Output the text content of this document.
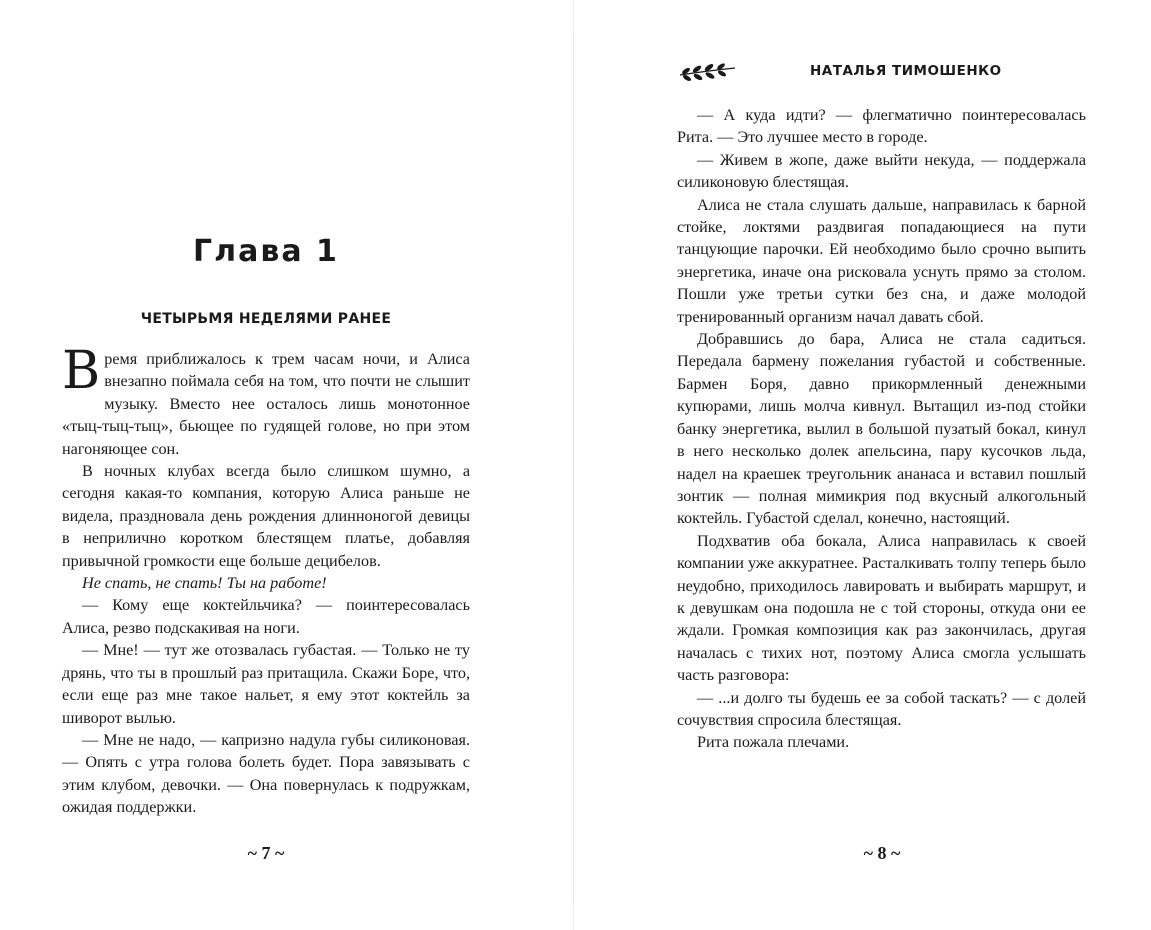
Глава 1
ЧЕТЫРЬМЯ НЕДЕЛЯМИ РАНЕЕ

Время приближалось к трем часам ночи, и Алиса внезапно поймала себя на том, что почти не слышит музыку. Вместо нее осталось лишь монотонное «тыц-тыц-тыц», бьющее по гудящей голове, но при этом нагоняющее сон.

В ночных клубах всегда было слишком шумно, а сегодня какая-то компания, которую Алиса раньше не видела, праздновала день рождения длинноногой девицы в неприлично коротком блестящем платье, добавляя привычной громкости еще больше децибелов.

Не спать, не спать! Ты на работе!

— Кому еще коктейльчика? — поинтересовалась Алиса, резво подскакивая на ноги.

— Мне! — тут же отозвалась губастая. — Только не ту дрянь, что ты в прошлый раз притащила. Скажи Боре, что, если еще раз мне такое нальет, я ему этот коктейль за шиворот вылью.

— Мне не надо, — капризно надула губы силиконовая. — Опять с утра голова болеть будет. Пора завязывать с этим клубом, девочки. — Она повернулась к подружкам, ожидая поддержки.

~ 7 ~
НАТАЛЬЯ ТИМОШЕНКО

— А куда идти? — флегматично поинтересовалась Рита. — Это лучшее место в городе.

— Живем в жопе, даже выйти некуда, — поддержала силиконовую блестящая.

Алиса не стала слушать дальше, направилась к барной стойке, локтями раздвигая попадающиеся на пути танцующие парочки. Ей необходимо было срочно выпить энергетика, иначе она рисковала уснуть прямо за столом. Пошли уже третьи сутки без сна, и даже молодой тренированный организм начал давать сбой.

Добравшись до бара, Алиса не стала садиться. Передала бармену пожелания губастой и собственные. Бармен Боря, давно прикормленный денежными купюрами, лишь молча кивнул. Вытащил из-под стойки банку энергетика, вылил в большой пузатый бокал, кинул в него несколько долек апельсина, пару кусочков льда, надел на краешек треугольник ананаса и вставил пошлый зонтик — полная мимикрия под вкусный алкогольный коктейль. Губастой сделал, конечно, настоящий.

Подхватив оба бокала, Алиса направилась к своей компании уже аккуратнее. Расталкивать толпу теперь было неудобно, приходилось лавировать и выбирать маршрут, и к девушкам она подошла не с той стороны, откуда они ее ждали. Громкая композиция как раз закончилась, другая началась с тихих нот, поэтому Алиса смогла услышать часть разговора:

— ...и долго ты будешь ее за собой таскать? — с долей сочувствия спросила блестящая.

Рита пожала плечами.

~ 8 ~
